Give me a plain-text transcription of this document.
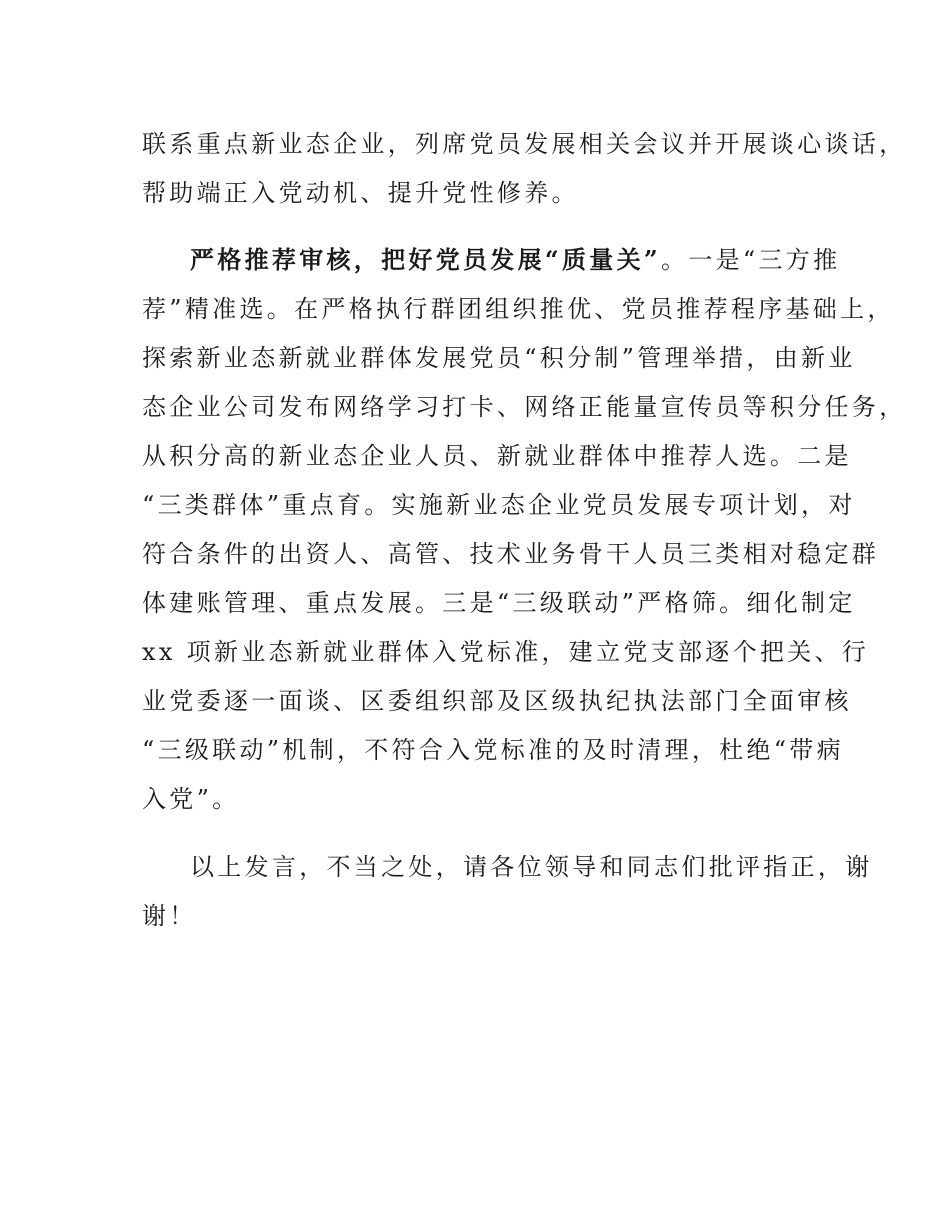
联系重点新业态企业，列席党员发展相关会议并开展谈心谈话，
帮助端正入党动机、提升党性修养。
严格推荐审核，把好党员发展“质量关”。一是“三方推
荐”精准选。在严格执行群团组织推优、党员推荐程序基础上，
探索新业态新就业群体发展党员“积分制”管理举措，由新业
态企业公司发布网络学习打卡、网络正能量宣传员等积分任务，
从积分高的新业态企业人员、新就业群体中推荐人选。二是
“三类群体”重点育。实施新业态企业党员发展专项计划，对
符合条件的出资人、高管、技术业务骨干人员三类相对稳定群
体建账管理、重点发展。三是“三级联动”严格筛。细化制定
xx 项新业态新就业群体入党标准，建立党支部逐个把关、行
业党委逐一面谈、区委组织部及区级执纪执法部门全面审核
“三级联动”机制，不符合入党标准的及时清理，杜绝“带病
入党”。
以上发言，不当之处，请各位领导和同志们批评指正，谢
谢！
